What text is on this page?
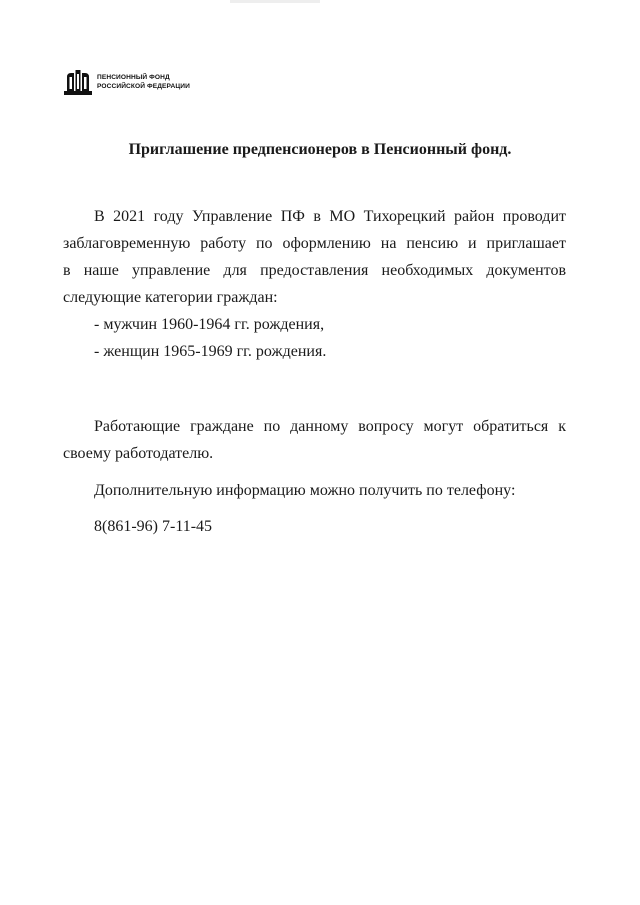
ПЕНСИОННЫЙ ФОНД
РОССИЙСКОЙ ФЕДЕРАЦИИ
Приглашение предпенсионеров в Пенсионный фонд.
В 2021 году Управление ПФ в МО Тихорецкий район проводит
заблаговременную работу по оформлению на пенсию и приглашает
в наше управление для предоставления необходимых документов
следующие категории граждан:
- мужчин 1960-1964 гг. рождения,
- женщин 1965-1969 гг. рождения.
Работающие граждане по данному вопросу могут обратиться к
своему работодателю.
Дополнительную информацию можно получить по телефону:
8(861-96) 7-11-45
